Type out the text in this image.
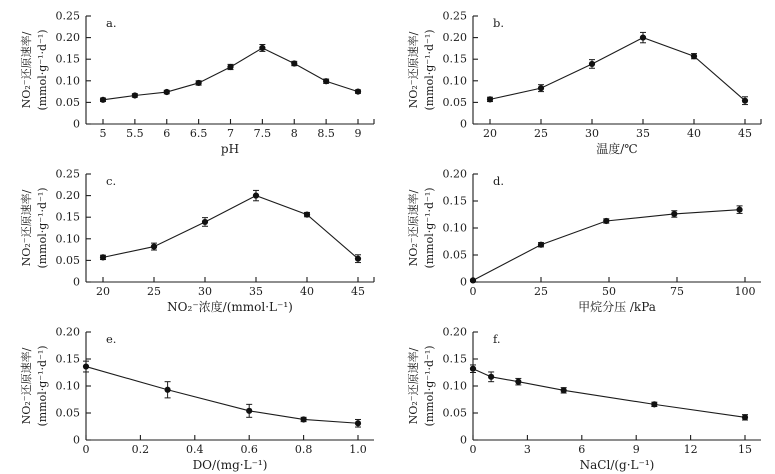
0
0.05
0.10
0.15
0.20
0.25
5 5.5 6 6.5 7 7.5 8 8.5 9
a.
pH
NO₂⁻还原速率/ (mmol·g⁻¹·d⁻¹)
0
0.05
0.10
0.15
0.20
0.25
20	25	30	35	40	45
b.
温度/℃
NO₂⁻还原速率/ (mmol·g⁻¹·d⁻¹)
0
0.05
0.10
0.15
0.20
0.25
20	25	30	35	40	45
c.
NO₂⁻浓度/(mmol·L⁻¹)
NO₂⁻还原速率/ (mmol·g⁻¹·d⁻¹)
0
0.05
0.10
0.15
0.20
0	25	50	75	100
d.
甲烷分压 /kPa
NO₂⁻还原速率/ (mmol·g⁻¹·d⁻¹)
0
0.05
0.10
0.15
0.20
0	0.2	0.4	0.6	0.8	1.0
e.
DO/(mg·L⁻¹)
NO₂⁻还原速率/ (mmol·g⁻¹·d⁻¹)
0
0.05
0.10
0.15
0.20
0	3	6	9	12	15
f.
NaCl/(g·L⁻¹)
NO₂⁻还原速率/ (mmol·g⁻¹·d⁻¹)
